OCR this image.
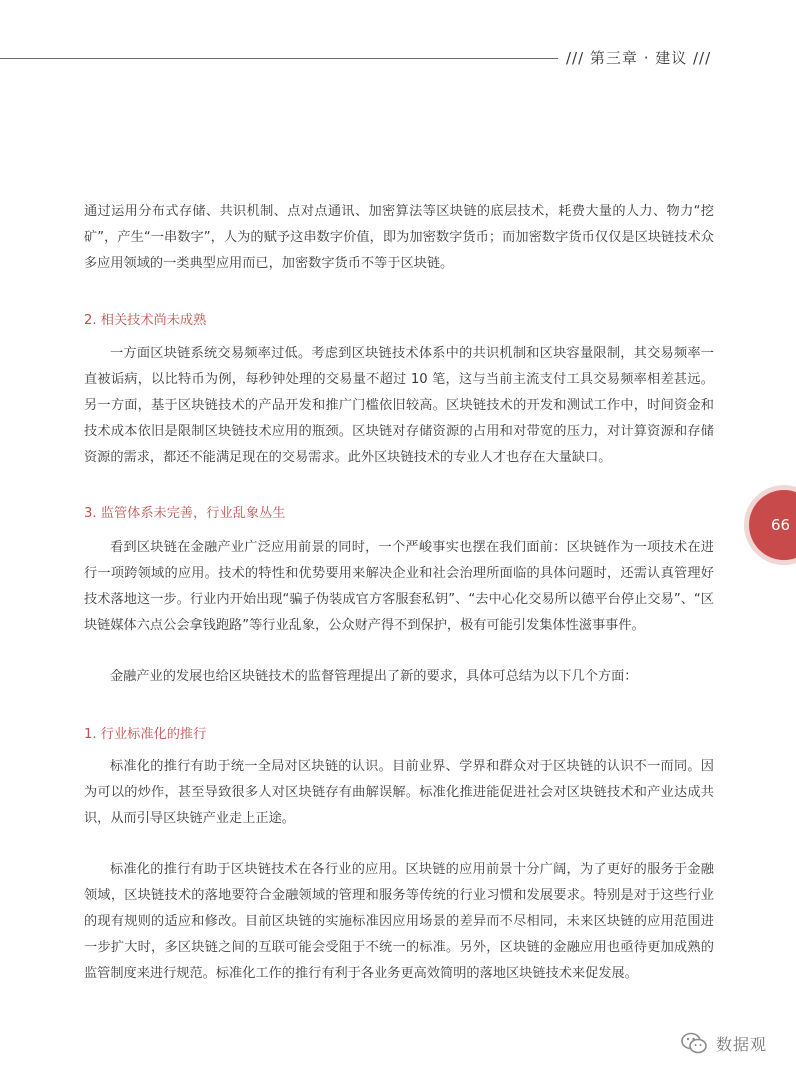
/// 第三章 · 建议 ///

通过运用分布式存储、共识机制、点对点通讯、加密算法等区块链的底层技术，耗费大量的人力、物力“挖矿”，产生“一串数字”，人为的赋予这串数字价值，即为加密数字货币；而加密数字货币仅仅是区块链技术众多应用领域的一类典型应用而已，加密数字货币不等于区块链。

2. 相关技术尚未成熟

一方面区块链系统交易频率过低。考虑到区块链技术体系中的共识机制和区块容量限制，其交易频率一直被诟病，以比特币为例，每秒钟处理的交易量不超过 10 笔，这与当前主流支付工具交易频率相差甚远。另一方面，基于区块链技术的产品开发和推广门槛依旧较高。区块链技术的开发和测试工作中，时间资金和技术成本依旧是限制区块链技术应用的瓶颈。区块链对存储资源的占用和对带宽的压力，对计算资源和存储资源的需求，都还不能满足现在的交易需求。此外区块链技术的专业人才也存在大量缺口。

3. 监管体系未完善，行业乱象丛生

看到区块链在金融产业广泛应用前景的同时，一个严峻事实也摆在我们面前：区块链作为一项技术在进行一项跨领域的应用。技术的特性和优势要用来解决企业和社会治理所面临的具体问题时，还需认真管理好技术落地这一步。行业内开始出现“骗子伪装成官方客服套私钥”、“去中心化交易所以德平台停止交易”、“区块链媒体六点公会拿钱跑路”等行业乱象，公众财产得不到保护，极有可能引发集体性滋事事件。

金融产业的发展也给区块链技术的监督管理提出了新的要求，具体可总结为以下几个方面：

1. 行业标准化的推行

标准化的推行有助于统一全局对区块链的认识。目前业界、学界和群众对于区块链的认识不一而同。因为可以的炒作，甚至导致很多人对区块链存有曲解误解。标准化推进能促进社会对区块链技术和产业达成共识，从而引导区块链产业走上正途。

标准化的推行有助于区块链技术在各行业的应用。区块链的应用前景十分广阔，为了更好的服务于金融领域，区块链技术的落地要符合金融领域的管理和服务等传统的行业习惯和发展要求。特别是对于这些行业的现有规则的适应和修改。目前区块链的实施标准因应用场景的差异而不尽相同，未来区块链的应用范围进一步扩大时，多区块链之间的互联可能会受阻于不统一的标准。另外，区块链的金融应用也亟待更加成熟的监管制度来进行规范。标准化工作的推行有利于各业务更高效简明的落地区块链技术来促发展。

66
数据观
